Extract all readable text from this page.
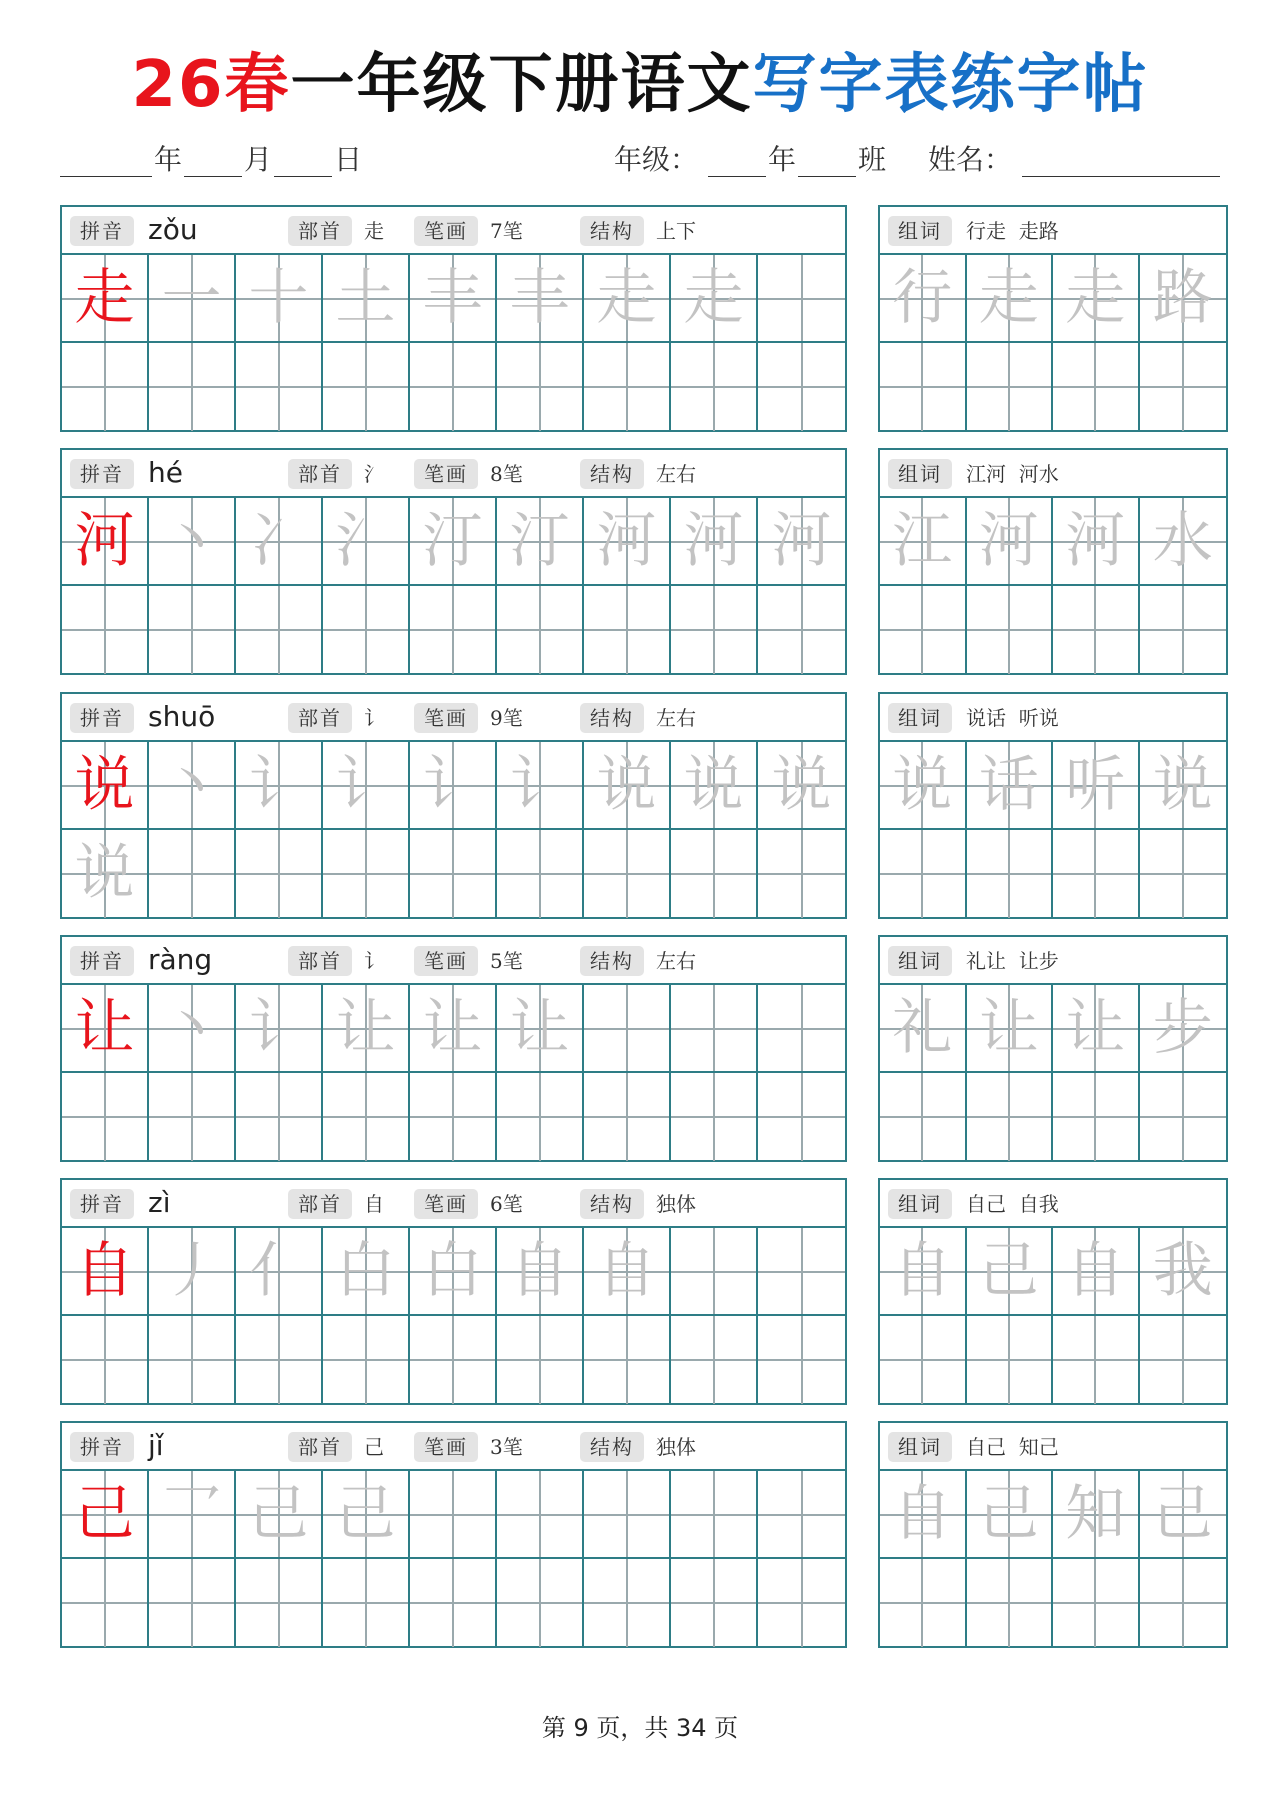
26春一年级下册语文写字表练字帖
年 月 日	年级： 年 班 姓名：
拼音 zǒu	部首	走	笔画	7笔	结构	上下
走 一 十 土 丰 丰 走 走
组词	行走  走路
行 走 走 路
拼音 hé	部首	氵	笔画	8笔	结构	左右
河 丶 冫 氵 汀 汀 河 河 河
组词	江河  河水
江 河 河 水
拼音 shuō	部首	讠	笔画	9笔	结构	左右
说 丶 讠 讠 讠 讠 说 说 说
说
组词	说话  听说
说 话 听 说
拼音 ràng	部首	讠	笔画	5笔	结构	左右
让 丶 讠 让 让 让
组词	礼让  让步
礼 让 让 步
拼音 zì	部首	自	笔画	6笔	结构	独体
自 丿 亻 白 白 自 自
组词	自己  自我
自 己 自 我
拼音 jǐ	部首	己	笔画	3笔	结构	独体
己 乛 己 己
组词	自己  知己
自 己 知 己
第 9 页，共 34 页
